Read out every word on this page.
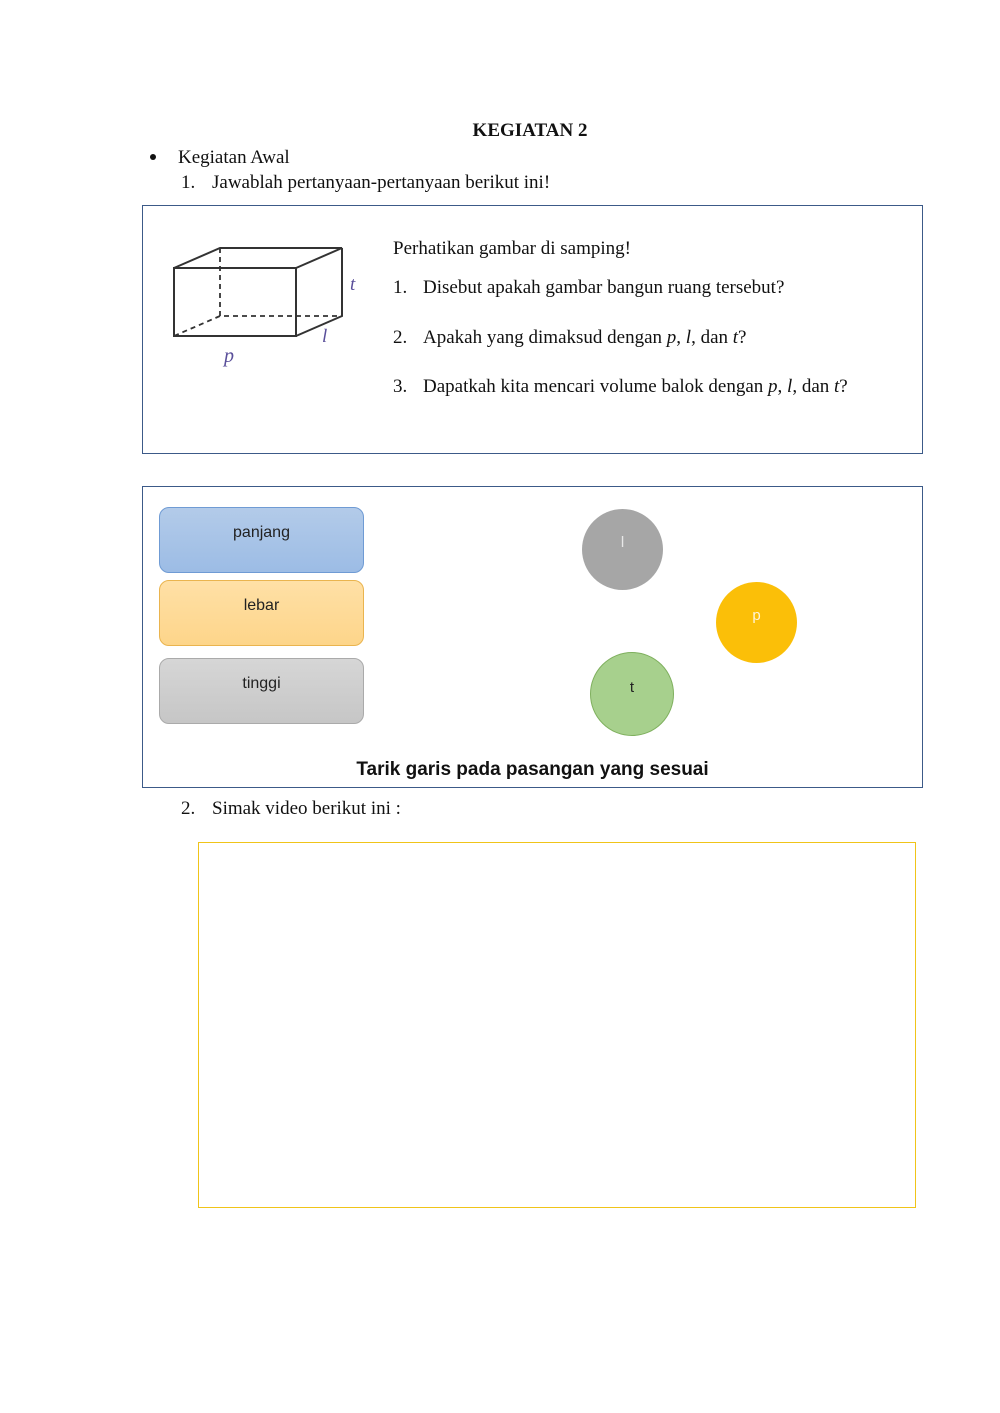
KEGIATAN 2
Kegiatan Awal
1. Jawablah pertanyaan-pertanyaan berikut ini!
p
l
t
Perhatikan gambar di samping!
1. Disebut apakah gambar bangun ruang tersebut?
2. Apakah yang dimaksud dengan p, l, dan t?
3. Dapatkah kita mencari volume balok dengan p, l, dan t?
panjang
lebar
tinggi
l
p
t
Tarik garis pada pasangan yang sesuai
2. Simak video berikut ini :
